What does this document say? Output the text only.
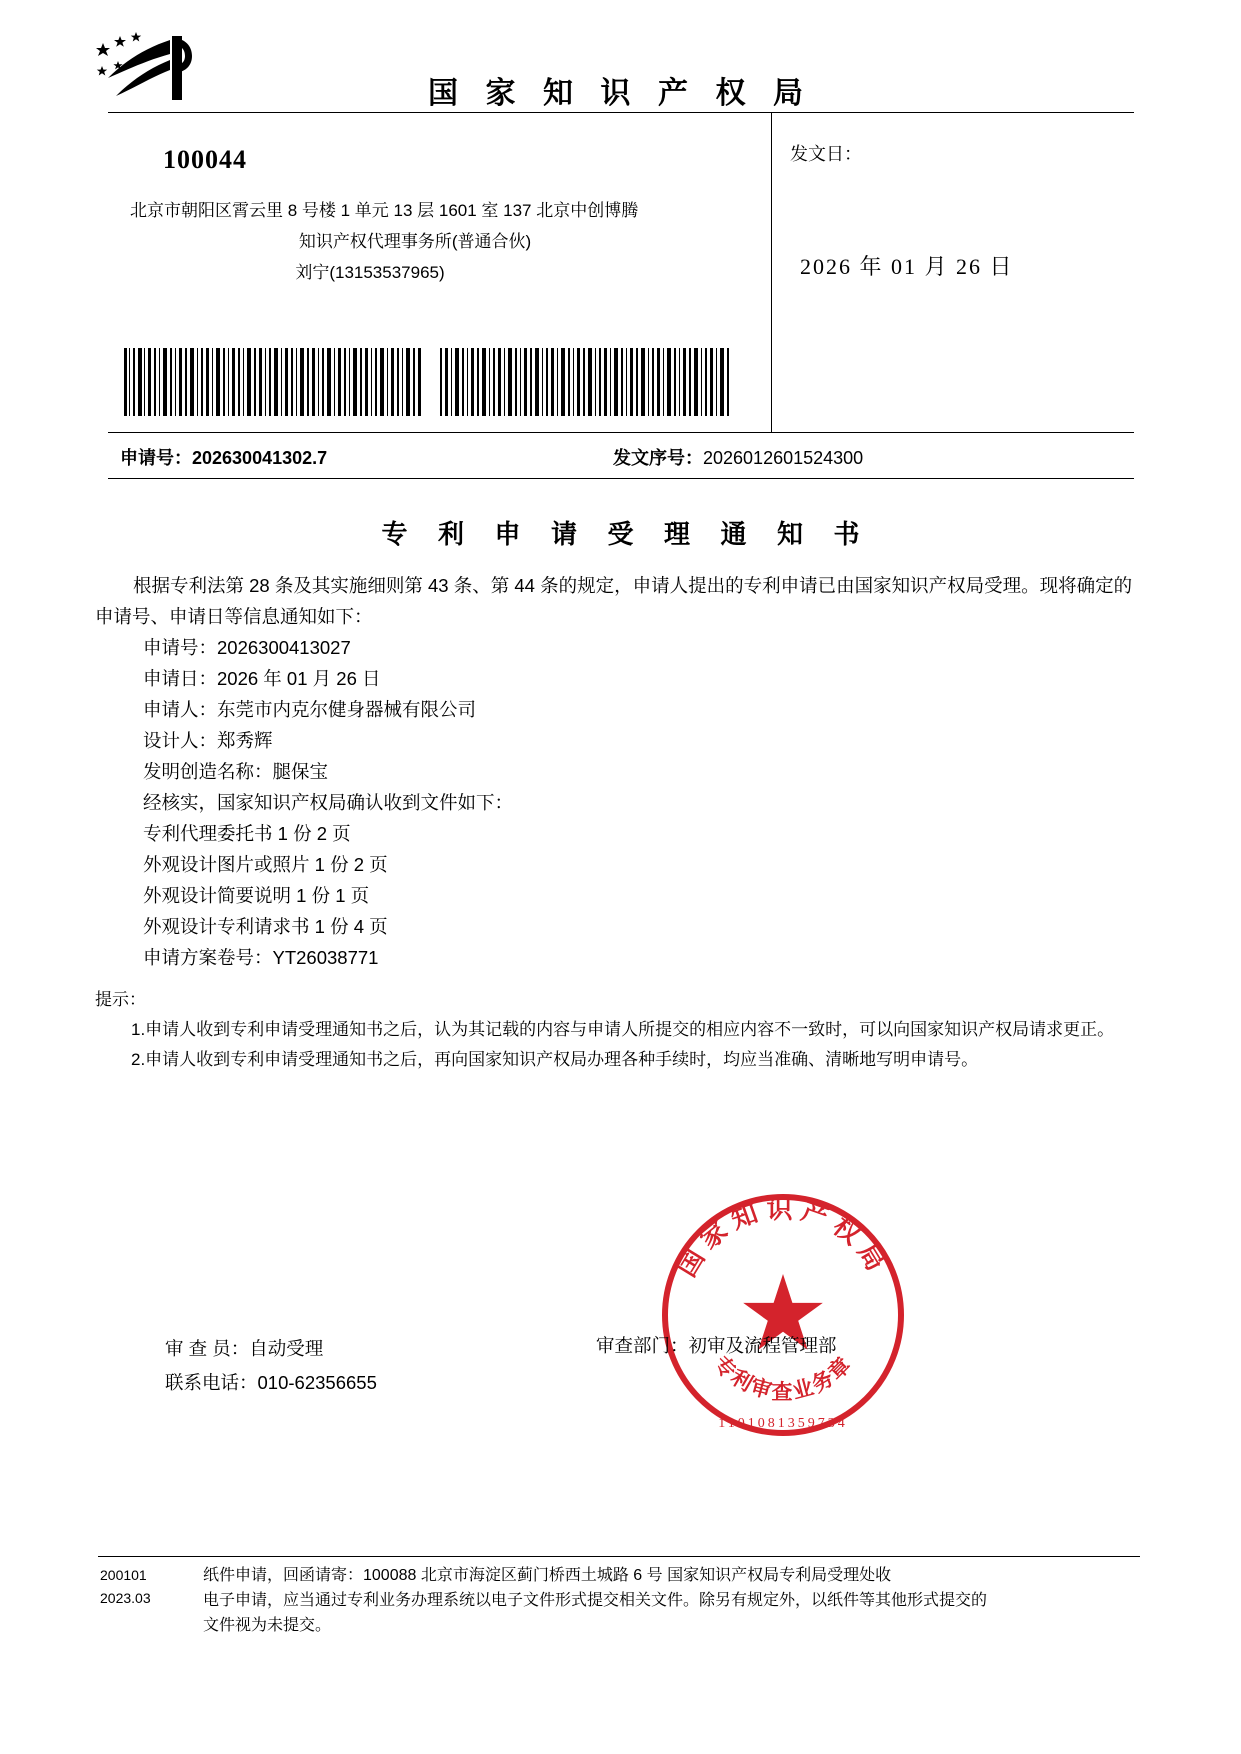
国 家 知 识 产 权 局
100044
北京市朝阳区霄云里 8 号楼 1 单元 13 层 1601 室 137 北京中创博腾
知识产权代理事务所(普通合伙)
刘宁(13153537965)
发文日：
2026 年 01 月 26 日
申请号：202630041302.7	发文序号：2026012601524300
专 利 申 请 受 理 通 知 书
根据专利法第 28 条及其实施细则第 43 条、第 44 条的规定，申请人提出的专利申请已由国家知识产权局受理。现将确定的申请号、申请日等信息通知如下：
申请号：2026300413027
申请日：2026 年 01 月 26 日
申请人：东莞市内克尔健身器械有限公司
设计人：郑秀辉
发明创造名称：腿保宝
经核实，国家知识产权局确认收到文件如下：
专利代理委托书 1 份 2 页
外观设计图片或照片 1 份 2 页
外观设计简要说明 1 份 1 页
外观设计专利请求书 1 份 4 页
申请方案卷号：YT26038771
提示：
1.申请人收到专利申请受理通知书之后，认为其记载的内容与申请人所提交的相应内容不一致时，可以向国家知识产权局请求更正。
2.申请人收到专利申请受理通知书之后，再向国家知识产权局办理各种手续时，均应当准确、清晰地写明申请号。
国家知识产权局
专利审查业务章
1101081359734
审 查 员：自动受理
联系电话：010-62356655
审查部门：初审及流程管理部
200101
2023.03
纸件申请，回函请寄：100088 北京市海淀区蓟门桥西土城路 6 号 国家知识产权局专利局受理处收
电子申请，应当通过专利业务办理系统以电子文件形式提交相关文件。除另有规定外，以纸件等其他形式提交的
文件视为未提交。
